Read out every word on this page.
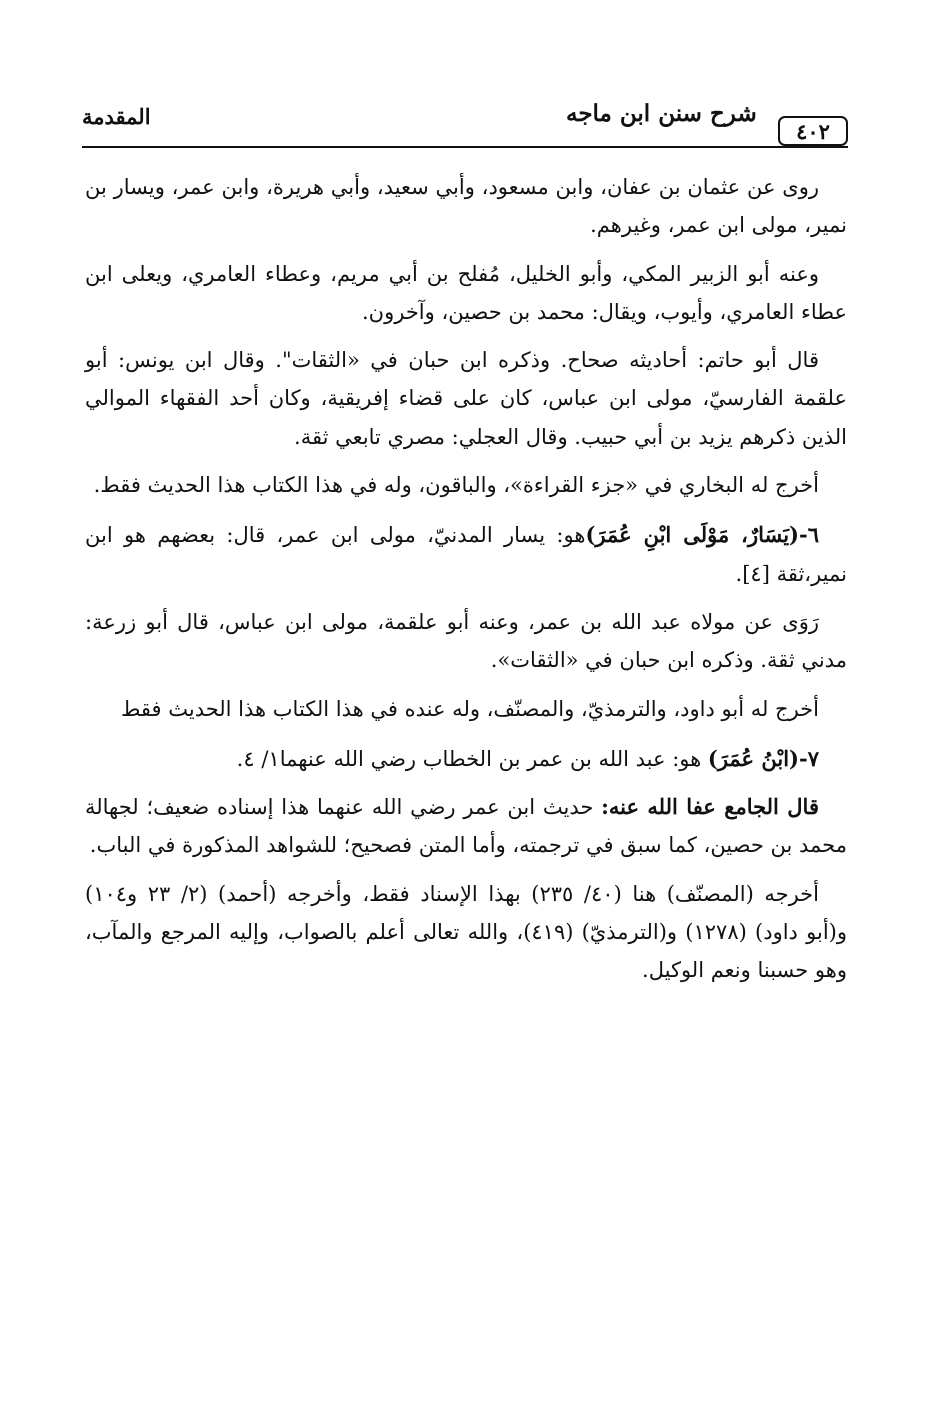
المقدمة	شرح سنن ابن ماجه
٤٠٢

روى عن عثمان بن عفان، وابن مسعود، وأبي سعيد، وأبي هريرة، وابن عمر، ويسار بن نمير، مولى ابن عمر، وغيرهم.

وعنه أبو الزبير المكي، وأبو الخليل، مُفلح بن أبي مريم، وعطاء العامري، ويعلى ابن عطاء العامري، وأيوب، ويقال: محمد بن حصين، وآخرون.

قال أبو حاتم: أحاديثه صحاح. وذكره ابن حبان في «الثقات". وقال ابن يونس: أبو علقمة الفارسيّ، مولى ابن عباس، كان على قضاء إفريقية، وكان أحد الفقهاء الموالي الذين ذكرهم يزيد بن أبي حبيب. وقال العجلي: مصري تابعي ثقة.

أخرج له البخاري في «جزء القراءة»، والباقون، وله في هذا الكتاب هذا الحديث فقط.

٦-(يَسَارٌ، مَوْلَى ابْنِ عُمَرَ)هو: يسار المدنيّ، مولى ابن عمر، قال: بعضهم هو ابن نمير،ثقة [٤].

رَوَى عن مولاه عبد الله بن عمر، وعنه أبو علقمة، مولى ابن عباس، قال أبو زرعة: مدني ثقة. وذكره ابن حبان في «الثقات».

أخرج له أبو داود، والترمذيّ، والمصنّف، وله عنده في هذا الكتاب هذا الحديث فقط

٧-(ابْنُ عُمَرَ) هو: عبد الله بن عمر بن الخطاب رضي الله عنهما١/ ٤.

قال الجامع عفا الله عنه: حديث ابن عمر رضي الله عنهما هذا إسناده ضعيف؛ لجهالة محمد بن حصين، كما سبق في ترجمته، وأما المتن فصحيح؛ للشواهد المذكورة في الباب.

أخرجه (المصنّف) هنا (٤٠/ ٢٣٥) بهذا الإسناد فقط، وأخرجه (أحمد) (٢/ ٢٣ و١٠٤) و(أبو داود) (١٢٧٨) و(الترمذيّ) (٤١٩)، والله تعالى أعلم بالصواب، وإليه المرجع والمآب، وهو حسبنا ونعم الوكيل.
